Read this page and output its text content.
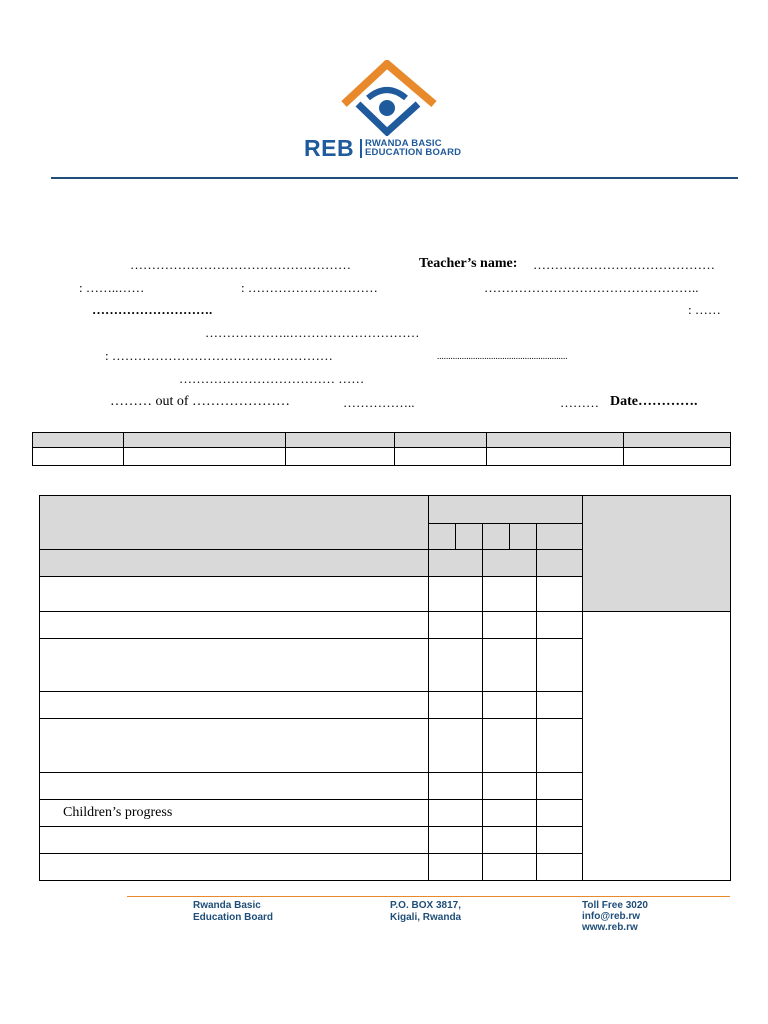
REB RWANDA BASIC
EDUCATION BOARD
……………………………………………	Teacher’s name: ……………………………………
: ……..……	: …………………………	…………………………………………..
……………………….	: ……
………………..…………………………
: ……………………………………………	..........................................................
……………………………… ……
……… out of …………………	……………..	……… Date………….

Children’s progress						

Rwanda Basic
Education Board
P.O. BOX 3817,
Kigali, Rwanda
Toll Free 3020
info@reb.rw
www.reb.rw
